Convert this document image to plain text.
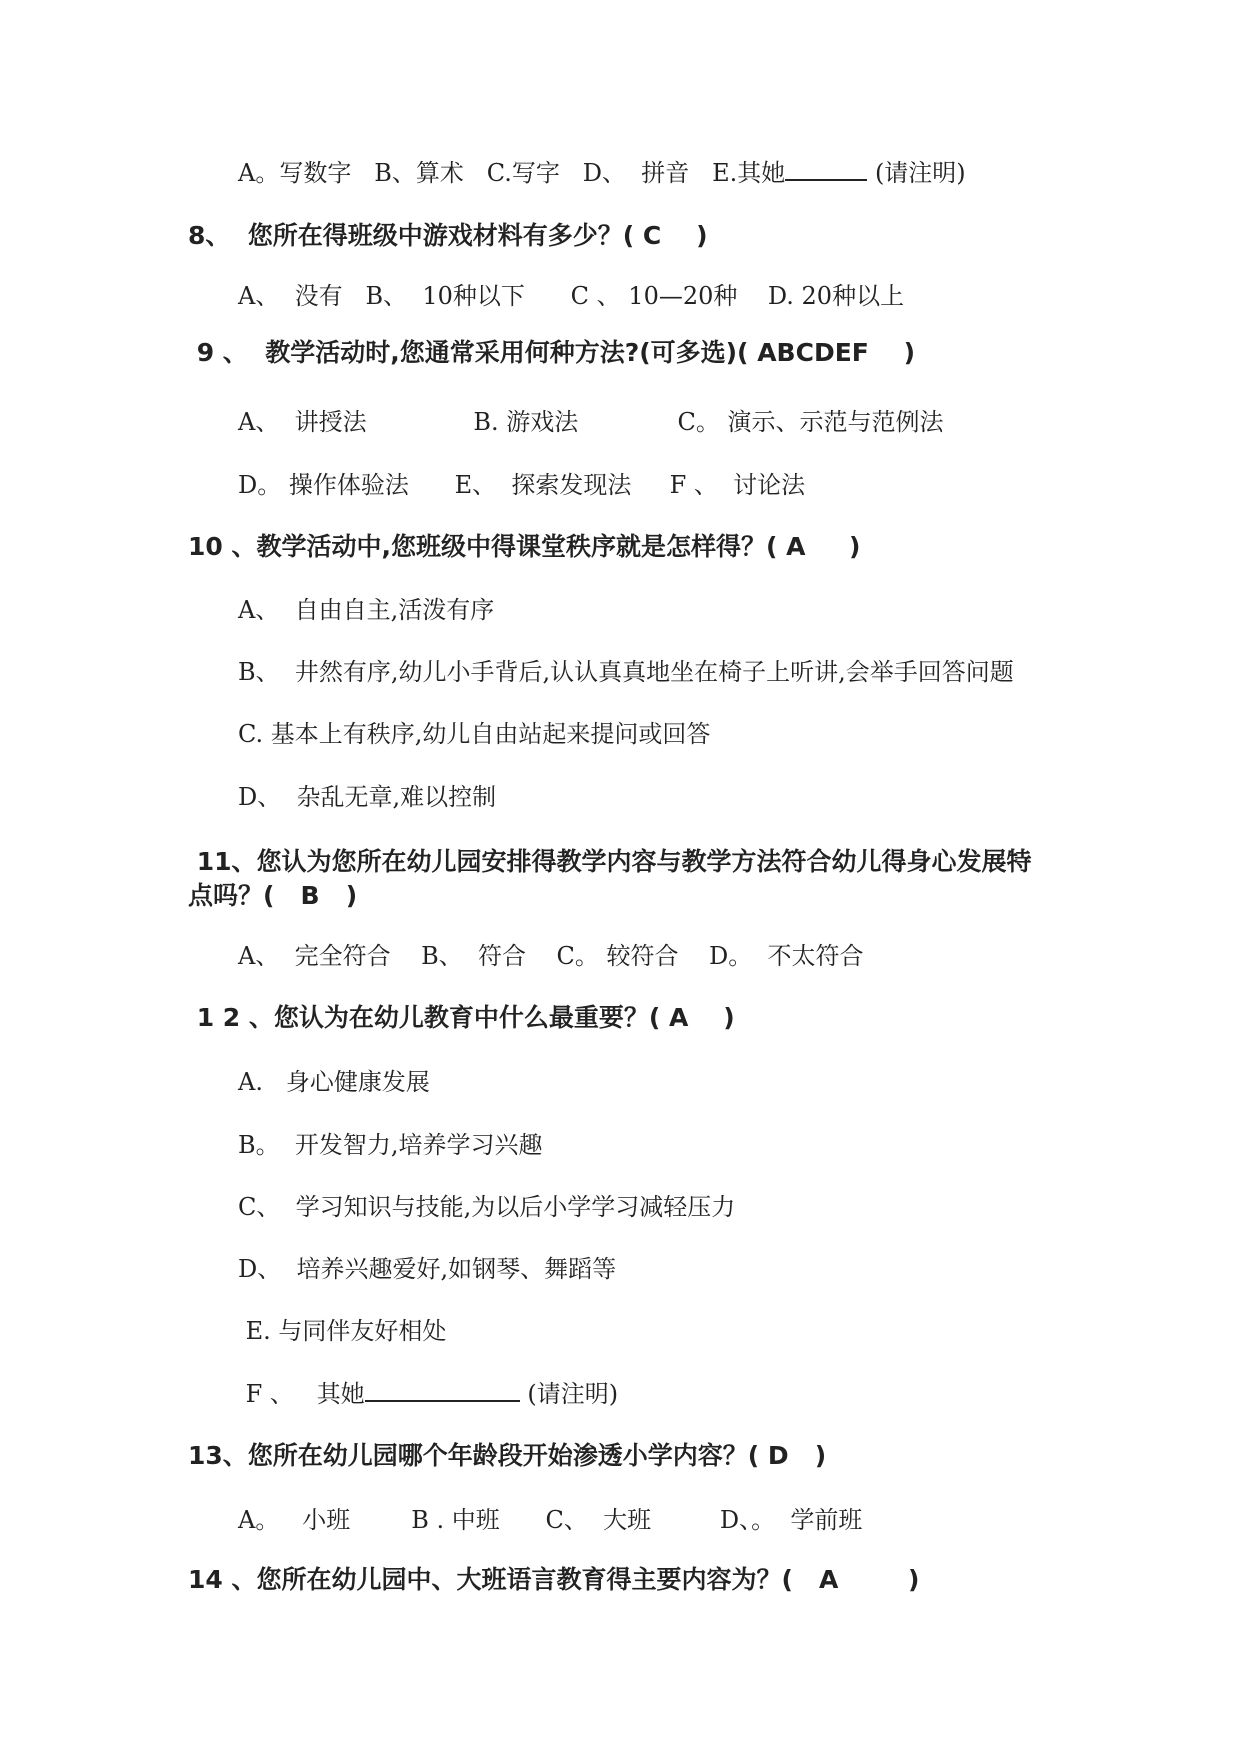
A。写数字   B、算术   C.写字   D、  拼音   E.其她	(请注明)
8、  您所在得班级中游戏材料有多少？( C    )
A、  没有   B、  10种以下      C 、 10—20种    D. 20种以上
9 、  教学活动时,您通常采用何种方法?(可多选)( ABCDEF    )
A、  讲授法              B. 游戏法             C。 演示、示范与范例法
D。 操作体验法      E、  探索发现法     F 、  讨论法
10 、教学活动中,您班级中得课堂秩序就是怎样得？( A     )
A、  自由自主,活泼有序
B、  井然有序,幼儿小手背后,认认真真地坐在椅子上听讲,会举手回答问题
C. 基本上有秩序,幼儿自由站起来提问或回答
D、  杂乱无章,难以控制
11、您认为您所在幼儿园安排得教学内容与教学方法符合幼儿得身心发展特
点吗？(   B   )
A、  完全符合    B、  符合    C。 较符合    D。  不太符合
1 2 、您认为在幼儿教育中什么最重要？( A    )
A.   身心健康发展
B。  开发智力,培养学习兴趣
C、  学习知识与技能,为以后小学学习减轻压力
D、  培养兴趣爱好,如钢琴、舞蹈等
E. 与同伴友好相处
F 、   其她	(请注明)
13、您所在幼儿园哪个年龄段开始渗透小学内容？( D   )
A。   小班        B . 中班      C、  大班         D、。  学前班
14 、您所在幼儿园中、大班语言教育得主要内容为？(   A        )
